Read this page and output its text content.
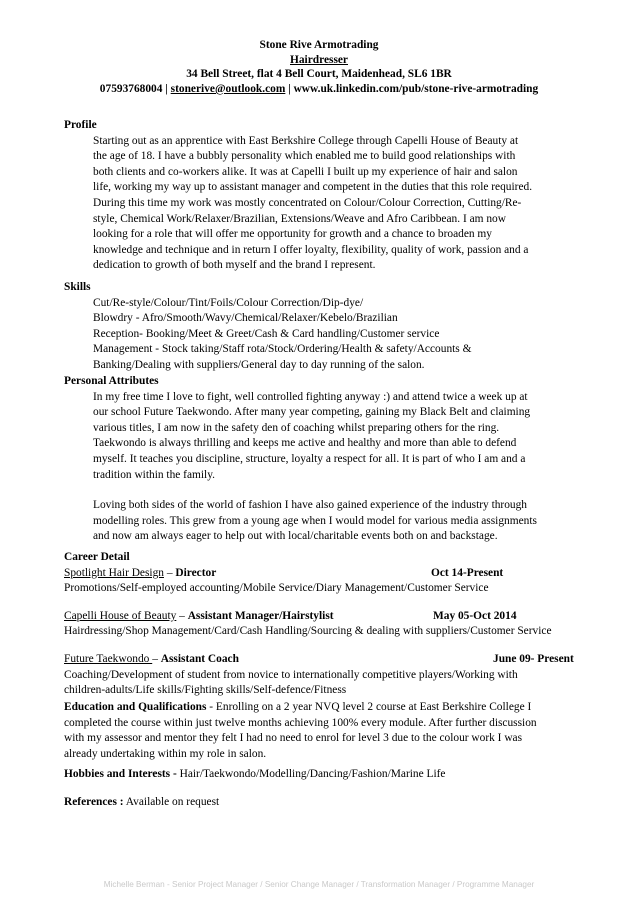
Stone Rive Armotrading
Hairdresser
34 Bell Street, flat 4 Bell Court, Maidenhead, SL6 1BR
07593768004 | stonerive@outlook.com | www.uk.linkedin.com/pub/stone-rive-armotrading
Profile
Starting out as an apprentice with East Berkshire College through Capelli House of Beauty at
the age of 18. I have a bubbly personality which enabled me to build good relationships with
both clients and co-workers alike. It was at Capelli I built up my experience of hair and salon
life, working my way up to assistant manager and competent in the duties that this role required.
During this time my work was mostly concentrated on Colour/Colour Correction, Cutting/Re-
style, Chemical Work/Relaxer/Brazilian, Extensions/Weave and Afro Caribbean. I am now
looking for a role that will offer me opportunity for growth and a chance to broaden my
knowledge and technique and in return I offer loyalty, flexibility, quality of work, passion and a
dedication to growth of both myself and the brand I represent.
Skills
Cut/Re-style/Colour/Tint/Foils/Colour Correction/Dip-dye/
Blowdry - Afro/Smooth/Wavy/Chemical/Relaxer/Kebelo/Brazilian
Reception- Booking/Meet & Greet/Cash & Card handling/Customer service
Management - Stock taking/Staff rota/Stock/Ordering/Health & safety/Accounts &
Banking/Dealing with suppliers/General day to day running of the salon.
Personal Attributes
In my free time I love to fight, well controlled fighting anyway :) and attend twice a week up at
our school Future Taekwondo. After many year competing, gaining my Black Belt and claiming
various titles, I am now in the safety den of coaching whilst preparing others for the ring.
Taekwondo is always thrilling and keeps me active and healthy and more than able to defend
myself. It teaches you discipline, structure, loyalty a respect for all. It is part of who I am and a
tradition within the family.
Loving both sides of the world of fashion I have also gained experience of the industry through
modelling roles. This grew from a young age when I would model for various media assignments
and now am always eager to help out with local/charitable events both on and backstage.
Career Detail
Spotlight Hair Design – Director	Oct 14-Present
Promotions/Self-employed accounting/Mobile Service/Diary Management/Customer Service
Capelli House of Beauty – Assistant Manager/Hairstylist	May 05-Oct 2014
Hairdressing/Shop Management/Card/Cash Handling/Sourcing & dealing with suppliers/Customer Service
Future Taekwondo – Assistant Coach	June 09- Present
Coaching/Development of student from novice to internationally competitive players/Working with
children-adults/Life skills/Fighting skills/Self-defence/Fitness
Education and Qualifications - Enrolling on a 2 year NVQ level 2 course at East Berkshire College I
completed the course within just twelve months achieving 100% every module. After further discussion
with my assessor and mentor they felt I had no need to enrol for level 3 due to the colour work I was
already undertaking within my role in salon.
Hobbies and Interests - Hair/Taekwondo/Modelling/Dancing/Fashion/Marine Life
References : Available on request
Michelle Berman - Senior Project Manager / Senior Change Manager / Transformation Manager / Programme Manager
